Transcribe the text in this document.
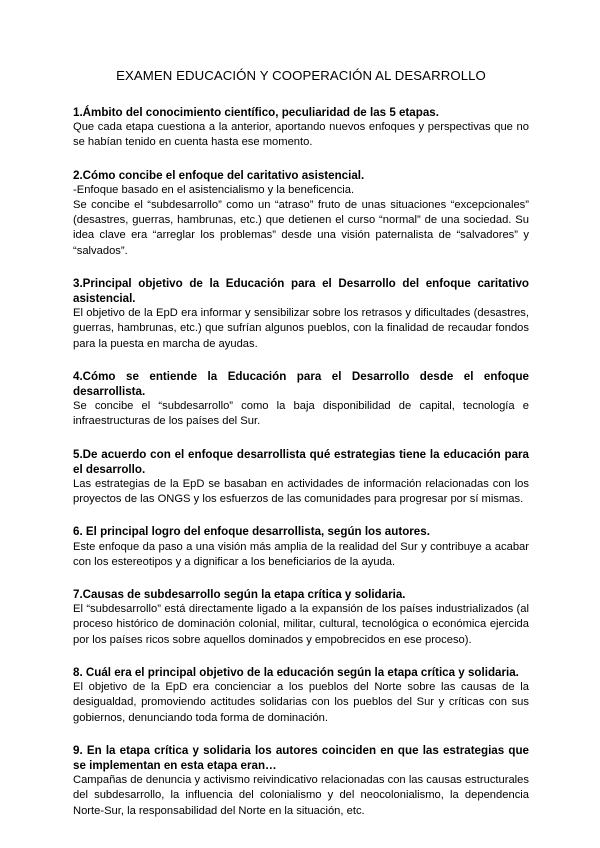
EXAMEN EDUCACIÓN Y COOPERACIÓN AL DESARROLLO

1.Ámbito del conocimiento científico, peculiaridad de las 5 etapas.

Que cada etapa cuestiona a la anterior, aportando nuevos enfoques y perspectivas que no se habían tenido en cuenta hasta ese momento.

2.Cómo concibe el enfoque del caritativo asistencial.

-Enfoque basado en el asistencialismo y la beneficencia.

Se concibe el “subdesarrollo” como un “atraso” fruto de unas situaciones “excepcionales” (desastres, guerras, hambrunas, etc.) que detienen el curso “normal” de una sociedad. Su idea clave era “arreglar los problemas” desde una visión paternalista de “salvadores” y “salvados”.

3.Principal objetivo de la Educación para el Desarrollo del enfoque caritativo asistencial.

El objetivo de la EpD era informar y sensibilizar sobre los retrasos y dificultades (desastres, guerras, hambrunas, etc.) que sufrían algunos pueblos, con la finalidad de recaudar fondos para la puesta en marcha de ayudas.

4.Cómo se entiende la Educación para el Desarrollo desde el enfoque desarrollista.

Se concibe el “subdesarrollo” como la baja disponibilidad de capital, tecnología e infraestructuras de los países del Sur.

5.De acuerdo con el enfoque desarrollista qué estrategias tiene la educación para el desarrollo.

Las estrategias de la EpD se basaban en actividades de información relacionadas con los proyectos de las ONGS y los esfuerzos de las comunidades para progresar por sí mismas.

6. El principal logro del enfoque desarrollista, según los autores.

Este enfoque da paso a una visión más amplia de la realidad del Sur y contribuye a acabar con los estereotipos y a dignificar a los beneficiarios de la ayuda.

7.Causas de subdesarrollo según la etapa crítica y solidaria.

El “subdesarrollo” está directamente ligado a la expansión de los países industrializados (al proceso histórico de dominación colonial, militar, cultural, tecnológica o económica ejercida por los países ricos sobre aquellos dominados y empobrecidos en ese proceso).

8. Cuál era el principal objetivo de la educación según la etapa crítica y solidaria.

El objetivo de la EpD era concienciar a los pueblos del Norte sobre las causas de la desigualdad, promoviendo actitudes solidarias con los pueblos del Sur y críticas con sus gobiernos, denunciando toda forma de dominación.

9. En la etapa crítica y solidaria los autores coinciden en que las estrategias que se implementan en esta etapa eran…

Campañas de denuncia y activismo reivindicativo relacionadas con las causas estructurales del subdesarrollo, la influencia del colonialismo y del neocolonialismo, la dependencia Norte-Sur, la responsabilidad del Norte en la situación, etc.
